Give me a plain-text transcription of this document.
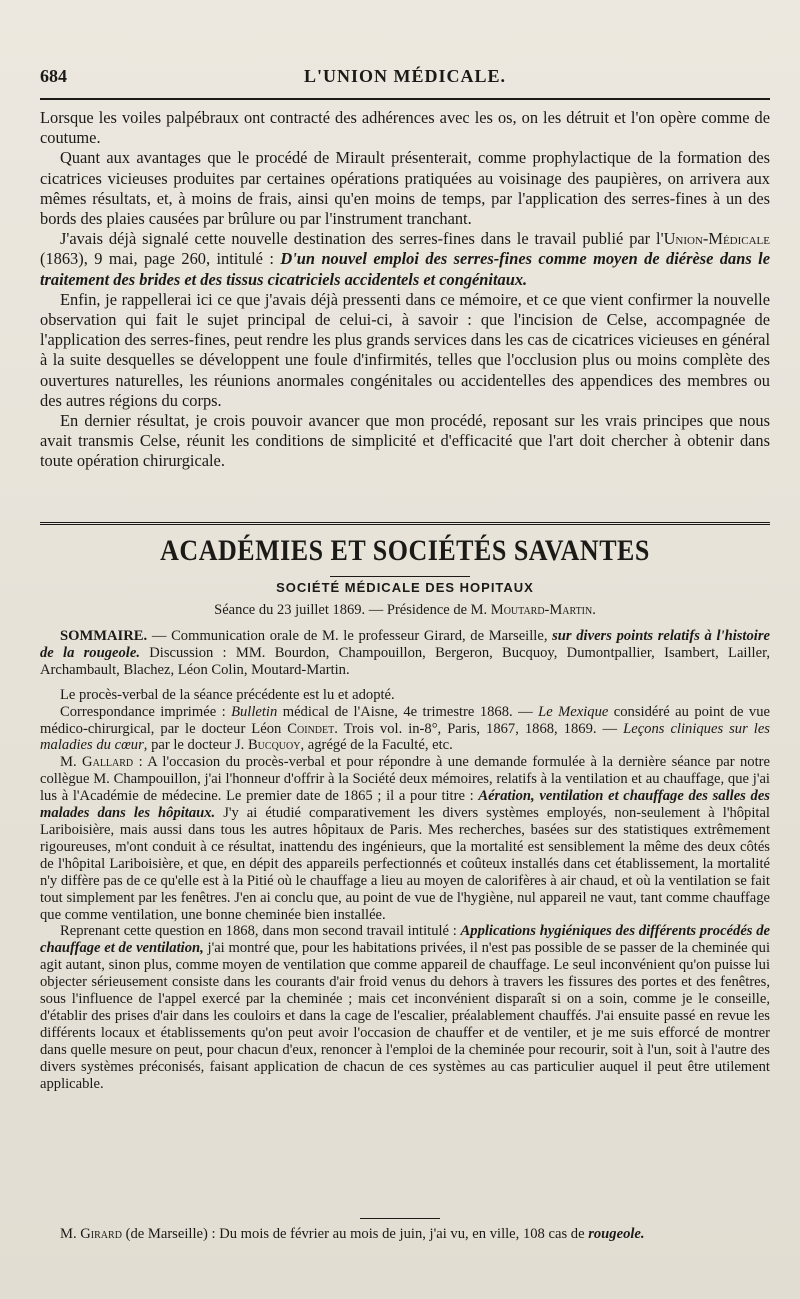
684	L'UNION MÉDICALE.

Lorsque les voiles palpébraux ont contracté des adhérences avec les os, on les détruit et l'on opère comme de coutume.

Quant aux avantages que le procédé de Mirault présenterait, comme prophylactique de la formation des cicatrices vicieuses produites par certaines opérations pratiquées au voisinage des paupières, on arrivera aux mêmes résultats, et, à moins de frais, ainsi qu'en moins de temps, par l'application des serres-fines à un des bords des plaies causées par brûlure ou par l'instrument tranchant.

J'avais déjà signalé cette nouvelle destination des serres-fines dans le travail publié par l'Union-Médicale (1863), 9 mai, page 260, intitulé : D'un nouvel emploi des serres-fines comme moyen de diérèse dans le traitement des brides et des tissus cicatriciels accidentels et congénitaux.

Enfin, je rappellerai ici ce que j'avais déjà pressenti dans ce mémoire, et ce que vient confirmer la nouvelle observation qui fait le sujet principal de celui-ci, à savoir : que l'incision de Celse, accompagnée de l'application des serres-fines, peut rendre les plus grands services dans les cas de cicatrices vicieuses en général à la suite desquelles se développent une foule d'infirmités, telles que l'occlusion plus ou moins complète des ouvertures naturelles, les réunions anormales congénitales ou accidentelles des appendices des membres ou des autres régions du corps.

En dernier résultat, je crois pouvoir avancer que mon procédé, reposant sur les vrais principes que nous avait transmis Celse, réunit les conditions de simplicité et d'efficacité que l'art doit chercher à obtenir dans toute opération chirurgicale.

ACADÉMIES ET SOCIÉTÉS SAVANTES
SOCIÉTÉ MÉDICALE DES HOPITAUX
Séance du 23 juillet 1869. — Présidence de M. Moutard-Martin.

SOMMAIRE. — Communication orale de M. le professeur Girard, de Marseille, sur divers points relatifs à l'histoire de la rougeole. Discussion : MM. Bourdon, Champouillon, Bergeron, Bucquoy, Dumontpallier, Isambert, Lailler, Archambault, Blachez, Léon Colin, Moutard-Martin.

Le procès-verbal de la séance précédente est lu et adopté.

Correspondance imprimée : Bulletin médical de l'Aisne, 4e trimestre 1868. — Le Mexique considéré au point de vue médico-chirurgical, par le docteur Léon Coindet. Trois vol. in-8°, Paris, 1867, 1868, 1869. — Leçons cliniques sur les maladies du cœur, par le docteur J. Bucquoy, agrégé de la Faculté, etc.

M. Gallard : A l'occasion du procès-verbal et pour répondre à une demande formulée à la dernière séance par notre collègue M. Champouillon, j'ai l'honneur d'offrir à la Société deux mémoires, relatifs à la ventilation et au chauffage, que j'ai lus à l'Académie de médecine. Le premier date de 1865 ; il a pour titre : Aération, ventilation et chauffage des salles des malades dans les hôpitaux. J'y ai étudié comparativement les divers systèmes employés, non-seulement à l'hôpital Lariboisière, mais aussi dans tous les autres hôpitaux de Paris. Mes recherches, basées sur des statistiques extrêmement rigoureuses, m'ont conduit à ce résultat, inattendu des ingénieurs, que la mortalité est sensiblement la même des deux côtés de l'hôpital Lariboisière, et que, en dépit des appareils perfectionnés et coûteux installés dans cet établissement, la mortalité n'y diffère pas de ce qu'elle est à la Pitié où le chauffage a lieu au moyen de calorifères à air chaud, et où la ventilation se fait tout simplement par les fenêtres. J'en ai conclu que, au point de vue de l'hygiène, nul appareil ne vaut, tant comme chauffage que comme ventilation, une bonne cheminée bien installée.

Reprenant cette question en 1868, dans mon second travail intitulé : Applications hygiéniques des différents procédés de chauffage et de ventilation, j'ai montré que, pour les habitations privées, il n'est pas possible de se passer de la cheminée qui agit autant, sinon plus, comme moyen de ventilation que comme appareil de chauffage. Le seul inconvénient qu'on puisse lui objecter sérieusement consiste dans les courants d'air froid venus du dehors à travers les fissures des portes et des fenêtres, sous l'influence de l'appel exercé par la cheminée ; mais cet inconvénient disparaît si on a soin, comme je le conseille, d'établir des prises d'air dans les couloirs et dans la cage de l'escalier, préalablement chauffés. J'ai ensuite passé en revue les différents locaux et établissements qu'on peut avoir l'occasion de chauffer et de ventiler, et je me suis efforcé de montrer dans quelle mesure on peut, pour chacun d'eux, renoncer à l'emploi de la cheminée pour recourir, soit à l'un, soit à l'autre des divers systèmes préconisés, faisant application de chacun de ces systèmes au cas particulier auquel il peut être utilement applicable.

M. Girard (de Marseille) : Du mois de février au mois de juin, j'ai vu, en ville, 108 cas de rougeole.
